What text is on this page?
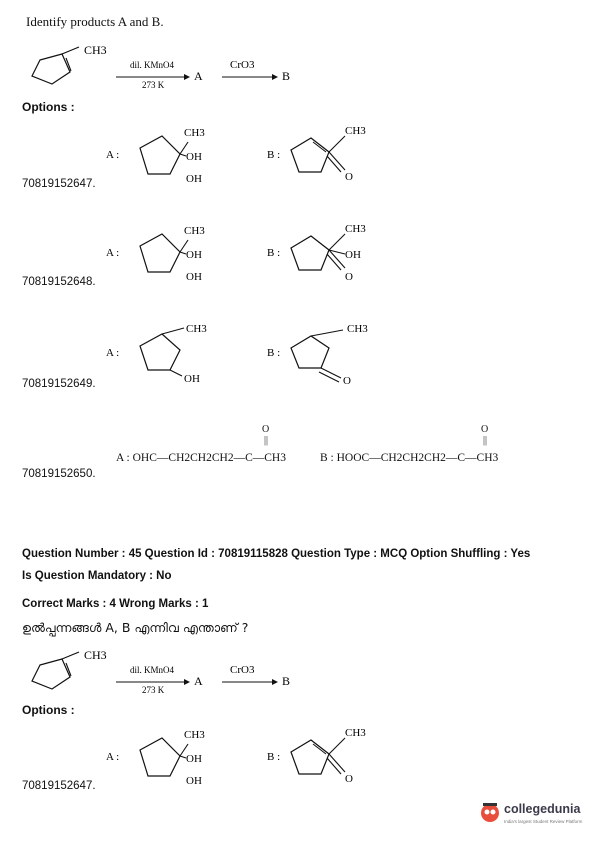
Identify products A and B.
CH3
dil. KMnO4
273 K
A
CrO3
B
Options :
A :
CH3
OH
OH
B :
CH3
O
70819152647.
A :
CH3
OH
OH
B :
CH3
OH
O
70819152648.
A :
CH3
OH
B :
CH3
O
70819152649.
O
||
O
||
A : OHC—CH2CH2CH2—C—CH3	B : HOOC—CH2CH2CH2—C—CH3
70819152650.
Question Number : 45 Question Id : 70819115828 Question Type : MCQ Option Shuffling : Yes
Is Question Mandatory : No
Correct Marks : 4 Wrong Marks : 1
ഉൽപ്പന്നങ്ങൾ A, B എന്നിവ എന്താണ് ?
CH3
dil. KMnO4
273 K
A
CrO3
B
Options :
A :
CH3
OH
OH
B :
CH3
O
70819152647.
collegedunia
India's largest Student Review Platform
